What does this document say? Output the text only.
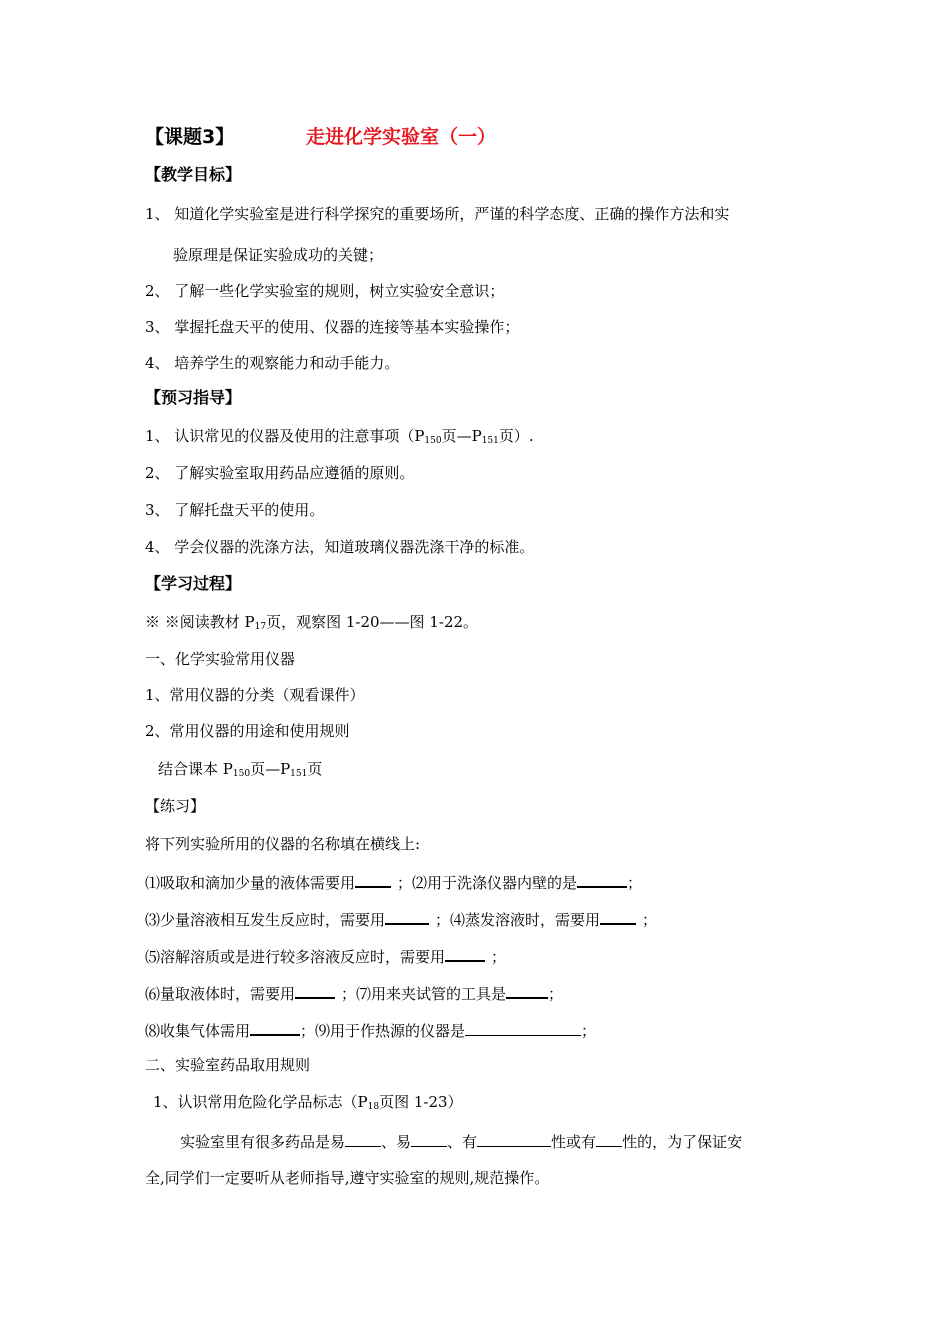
【课题3】	走进化学实验室（一）
【教学目标】
1、 知道化学实验室是进行科学探究的重要场所，严谨的科学态度、正确的操作方法和实
验原理是保证实验成功的关键；
2、 了解一些化学实验室的规则，树立实验安全意识；
3、 掌握托盘天平的使用、仪器的连接等基本实验操作；
4、 培养学生的观察能力和动手能力。
【预习指导】
1、 认识常见的仪器及使用的注意事项（$P_{150}$页$—P_{151}$页）.
2、 了解实验室取用药品应遵循的原则。
3、 了解托盘天平的使用。
4、 学会仪器的洗涤方法，知道玻璃仪器洗涤干净的标准。
【学习过程】
※ ※阅读教材 $P_{17}$页，观察图 1-20——图 1-22。
一、化学实验常用仪器
1、常用仪器的分类（观看课件）
2、常用仪器的用途和使用规则
结合课本 $P_{150}$页$—P_{151}$页
【练习】
将下列实验所用的仪器的名称填在横线上:
⑴吸取和滴加少量的液体需要用	；⑵用于洗涤仪器内壁的是	；
⑶少量溶液相互发生反应时，需要用	；⑷蒸发溶液时，需要用	；
⑸溶解溶质或是进行较多溶液反应时，需要用	；
⑹量取液体时，需要用	；⑺用来夹试管的工具是	；
⑻收集气体需用	；⑼用于作热源的仪器是	；
二、实验室药品取用规则
1、认识常用危险化学品标志（$P_{18}$页图 1-23）
实验室里有很多药品是易 、易 、有	性或有 性的，为了保证安
全,同学们一定要听从老师指导,遵守实验室的规则,规范操作。
